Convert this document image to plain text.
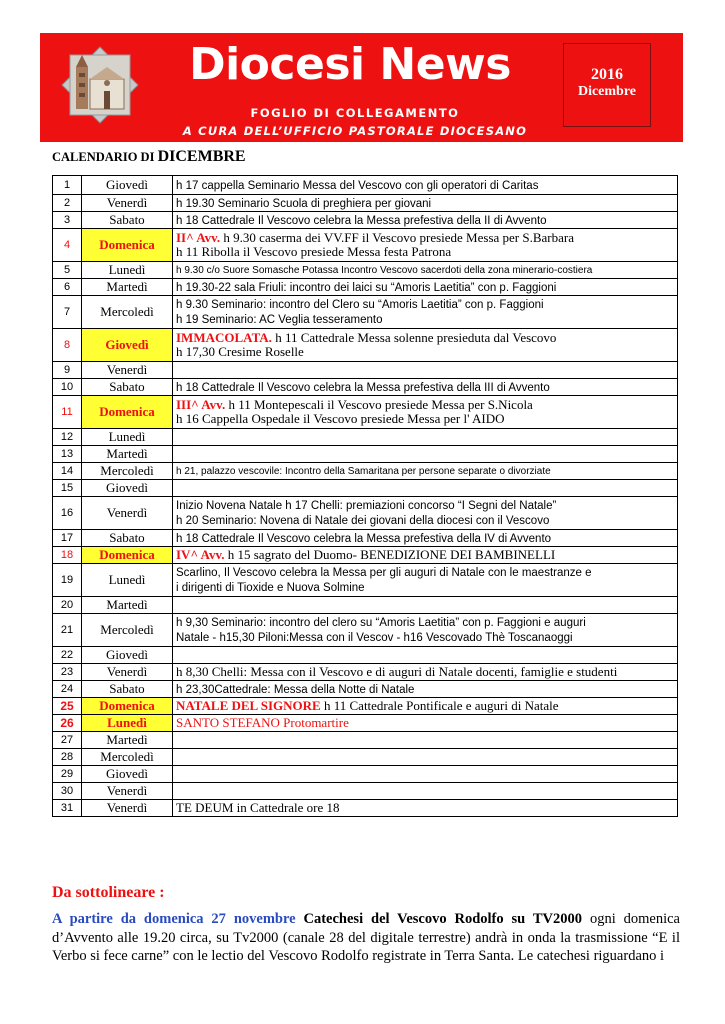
Diocesi News
FOGLIO DI COLLEGAMENTO
A CURA DELL’UFFICIO PASTORALE DIOCESANO
2016
Dicembre
CALENDARIO DI DICEMBRE
1	Giovedì	h 17 cappella Seminario Messa del Vescovo con gli operatori di Caritas

2	Venerdì	h 19.30 Seminario Scuola di preghiera per giovani

3	Sabato	h 18 Cattedrale Il Vescovo celebra la Messa prefestiva della II di Avvento

4	Domenica	II^ Avv. h 9.30 caserma dei VV.FF il Vescovo presiede Messa per S.Barbara
h 11 Ribolla il Vescovo presiede Messa festa Patrona

5	Lunedì	h 9.30 c/o Suore Somasche Potassa Incontro Vescovo sacerdoti della zona minerario-costiera

6	Martedì	h 19.30-22 sala Friuli: incontro dei laici su “Amoris Laetitia” con p. Faggioni

7	Mercoledì	h 9.30 Seminario: incontro del Clero su “Amoris Laetitia” con p. Faggioni
h 19 Seminario: AC Veglia tesseramento

8	Giovedì	IMMACOLATA. h 11 Cattedrale Messa solenne presieduta dal Vescovo
h 17,30 Cresime Roselle

9	Venerdì	

10	Sabato	h 18 Cattedrale Il Vescovo celebra la Messa prefestiva della III di Avvento

11	Domenica	III^ Avv. h 11 Montepescali il Vescovo presiede Messa per S.Nicola
h 16 Cappella Ospedale il Vescovo presiede Messa per l' AIDO

12	Lunedì	

13	Martedì	

14	Mercoledì	h 21, palazzo vescovile: Incontro della Samaritana per persone separate o divorziate

15	Giovedì	

16	Venerdì	Inizio Novena Natale h 17 Chelli: premiazioni concorso “I Segni del Natale”
h 20 Seminario: Novena di Natale dei giovani della diocesi con il Vescovo

17	Sabato	h 18 Cattedrale Il Vescovo celebra la Messa prefestiva della IV di Avvento

18	Domenica	IV^ Avv. h 15 sagrato del Duomo- BENEDIZIONE DEI BAMBINELLI

19	Lunedì	Scarlino, Il Vescovo celebra la Messa per gli auguri di Natale con le maestranze e
i dirigenti di Tioxide e Nuova Solmine

20	Martedì	

21	Mercoledì	h 9,30 Seminario: incontro del clero su “Amoris Laetitia” con p. Faggioni e auguri
Natale - h15,30 Piloni:Messa con il Vescov - h16 Vescovado Thè Toscanaoggi

22	Giovedì	

23	Venerdì	h 8,30 Chelli: Messa con il Vescovo e di auguri di Natale docenti, famiglie e studenti

24	Sabato	h 23,30Cattedrale: Messa della Notte di Natale

25	Domenica	NATALE DEL SIGNORE h 11 Cattedrale Pontificale e auguri di Natale

26	Lunedì	SANTO STEFANO Protomartire

27	Martedì	

28	Mercoledì	

29	Giovedì	

30	Venerdì	

31	Venerdì	TE DEUM in Cattedrale ore 18
Da sottolineare :
A partire da domenica 27 novembre Catechesi del Vescovo Rodolfo su TV2000 ogni domenica d’Avvento alle 19.20 circa, su Tv2000 (canale 28 del digitale terrestre) andrà in onda la trasmissione “E il Verbo si fece carne” con le lectio del Vescovo Rodolfo registrate in Terra Santa. Le catechesi riguardano i
